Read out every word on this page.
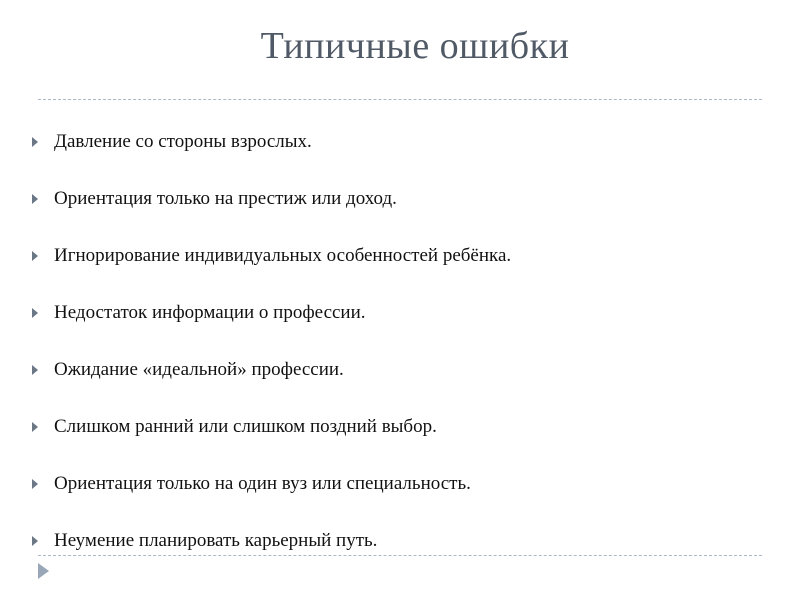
Типичные ошибки
Давление со стороны взрослых.
Ориентация только на престиж или доход.
Игнорирование индивидуальных особенностей ребёнка.
Недостаток информации о профессии.
Ожидание «идеальной» профессии.
Слишком ранний или слишком поздний выбор.
Ориентация только на один вуз или специальность.
Неумение планировать карьерный путь.
